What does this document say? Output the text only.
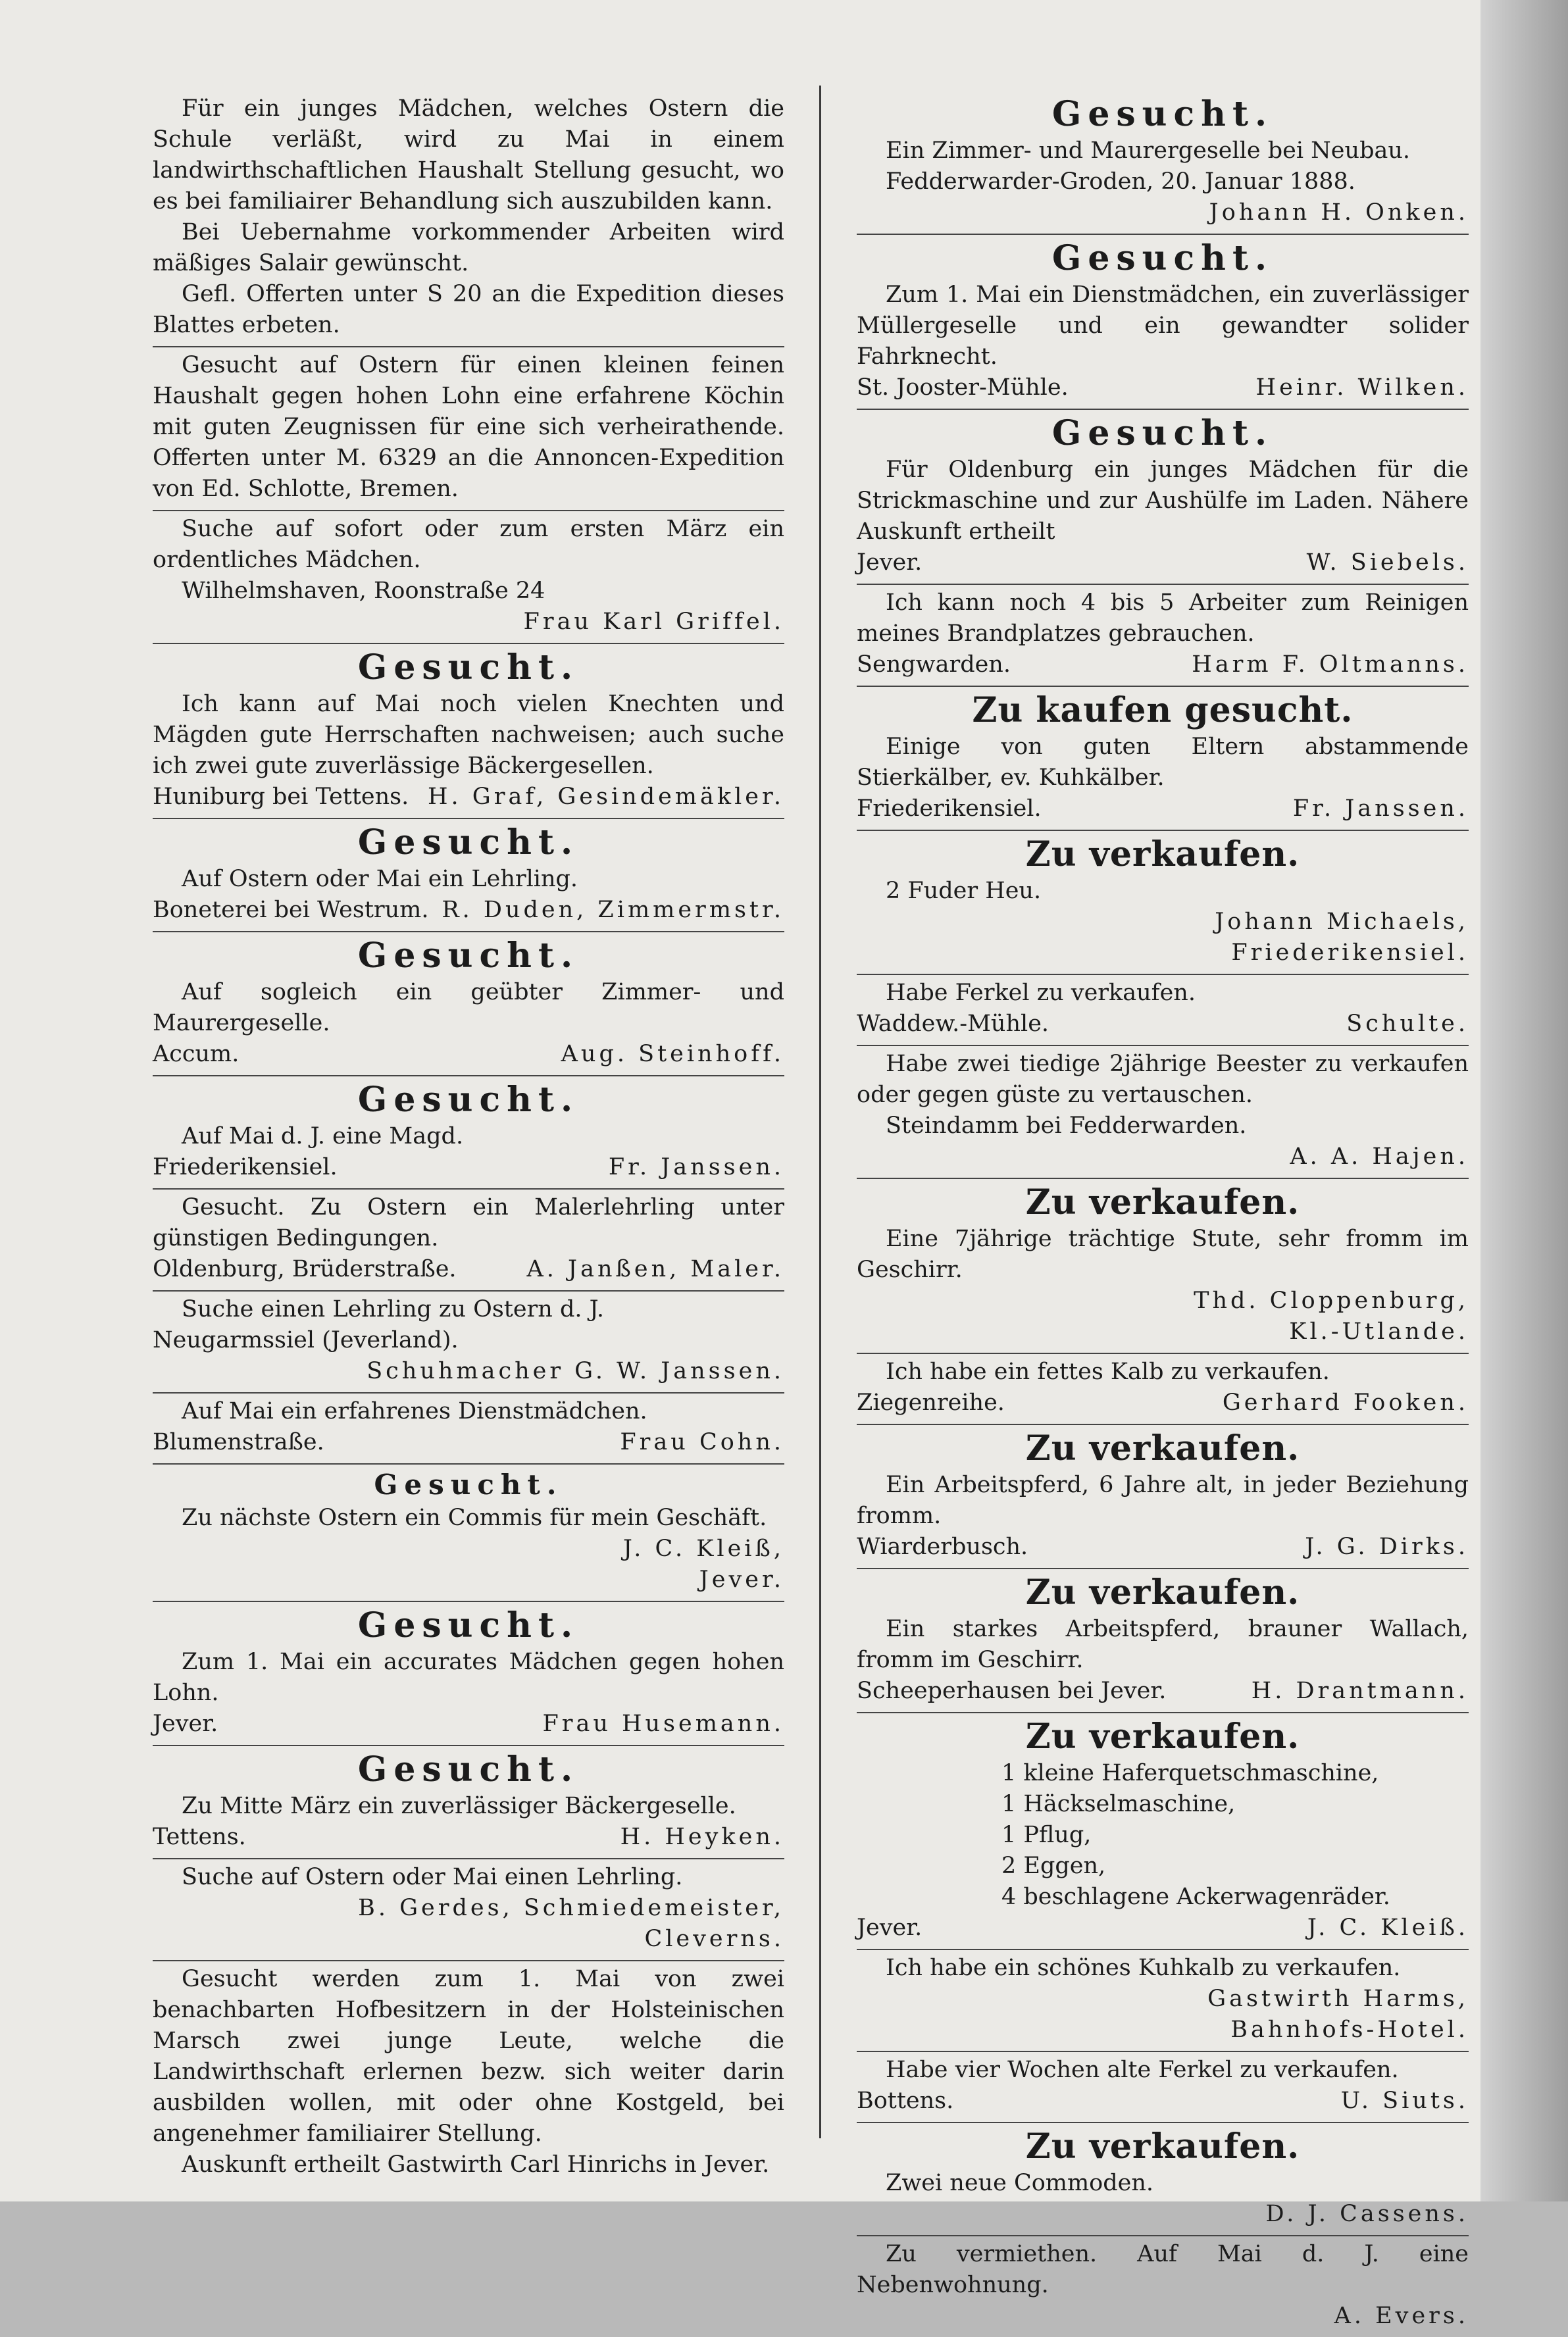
Für ein junges Mädchen, welches Ostern die Schule verläßt, wird zu Mai in einem landwirthschaftlichen Haushalt Stellung gesucht, wo es bei familiairer Behandlung sich auszubilden kann.

Bei Uebernahme vorkommender Arbeiten wird mäßiges Salair gewünscht.

Gefl. Offerten unter S 20 an die Expedition dieses Blattes erbeten.

Gesucht auf Ostern für einen kleinen feinen Haushalt gegen hohen Lohn eine erfahrene Köchin mit guten Zeugnissen für eine sich verheirathende. Offerten unter M. 6329 an die Annoncen-Expedition von Ed. Schlotte, Bremen.

Suche auf sofort oder zum ersten März ein ordentliches Mädchen.

Wilhelmshaven, Roonstraße 24

Frau Karl Griffel.

Gesucht.

Ich kann auf Mai noch vielen Knechten und Mägden gute Herrschaften nachweisen; auch suche ich zwei gute zuverlässige Bäckergesellen.

Huniburg bei Tettens. H. Graf, Gesindemäkler.

Gesucht.

Auf Ostern oder Mai ein Lehrling.

Boneterei bei Westrum. R. Duden, Zimmermstr.

Gesucht.

Auf sogleich ein geübter Zimmer- und Maurergeselle.

Accum.	Aug. Steinhoff.

Gesucht.

Auf Mai d. J. eine Magd.

Friederikensiel.	Fr. Janssen.

Gesucht. Zu Ostern ein Malerlehrling unter günstigen Bedingungen.

Oldenburg, Brüderstraße.	A. Janßen, Maler.

Suche einen Lehrling zu Ostern d. J.

Neugarmssiel (Jeverland).

Schuhmacher G. W. Janssen.

Auf Mai ein erfahrenes Dienstmädchen.

Blumenstraße.	Frau Cohn.

Gesucht.

Zu nächste Ostern ein Commis für mein Geschäft.

J. C. Kleiß,

Jever.

Gesucht.

Zum 1. Mai ein accurates Mädchen gegen hohen Lohn.

Jever.	Frau Husemann.

Gesucht.

Zu Mitte März ein zuverlässiger Bäckergeselle.

Tettens.	H. Heyken.

Suche auf Ostern oder Mai einen Lehrling.

B. Gerdes, Schmiedemeister,

Cleverns.

Gesucht werden zum 1. Mai von zwei benachbarten Hofbesitzern in der Holsteinischen Marsch zwei junge Leute, welche die Landwirthschaft erlernen bezw. sich weiter darin ausbilden wollen, mit oder ohne Kostgeld, bei angenehmer familiairer Stellung.

Auskunft ertheilt Gastwirth Carl Hinrichs in Jever.

Gesucht.

Ein Zimmer- und Maurergeselle bei Neubau.

Fedderwarder-Groden, 20. Januar 1888.

Johann H. Onken.

Gesucht.

Zum 1. Mai ein Dienstmädchen, ein zuverlässiger Müllergeselle und ein gewandter solider Fahrknecht.

St. Jooster-Mühle.	Heinr. Wilken.

Gesucht.

Für Oldenburg ein junges Mädchen für die Strickmaschine und zur Aushülfe im Laden. Nähere Auskunft ertheilt

Jever.	W. Siebels.

Ich kann noch 4 bis 5 Arbeiter zum Reinigen meines Brandplatzes gebrauchen.

Sengwarden.	Harm F. Oltmanns.

Zu kaufen gesucht.

Einige von guten Eltern abstammende Stierkälber, ev. Kuhkälber.

Friederikensiel.	Fr. Janssen.

Zu verkaufen.

2 Fuder Heu.

Johann Michaels,

Friederikensiel.

Habe Ferkel zu verkaufen.

Waddew.-Mühle.	Schulte.

Habe zwei tiedige 2jährige Beester zu verkaufen oder gegen güste zu vertauschen.

Steindamm bei Fedderwarden.

A. A. Hajen.

Zu verkaufen.

Eine 7jährige trächtige Stute, sehr fromm im Geschirr.

Thd. Cloppenburg,

Kl.-Utlande.

Ich habe ein fettes Kalb zu verkaufen.

Ziegenreihe.	Gerhard Fooken.

Zu verkaufen.

Ein Arbeitspferd, 6 Jahre alt, in jeder Beziehung fromm.

Wiarderbusch.	J. G. Dirks.

Zu verkaufen.

Ein starkes Arbeitspferd, brauner Wallach, fromm im Geschirr.

Scheeperhausen bei Jever.	H. Drantmann.

Zu verkaufen.

1 kleine Haferquetschmaschine,

1 Häckselmaschine,

1 Pflug,

2 Eggen,

4 beschlagene Ackerwagenräder.

Jever.	J. C. Kleiß.

Ich habe ein schönes Kuhkalb zu verkaufen.

Gastwirth Harms,

Bahnhofs-Hotel.

Habe vier Wochen alte Ferkel zu verkaufen.

Bottens.	U. Siuts.

Zu verkaufen.

Zwei neue Commoden.

D. J. Cassens.

Zu vermiethen. Auf Mai d. J. eine Nebenwohnung.

A. Evers.
